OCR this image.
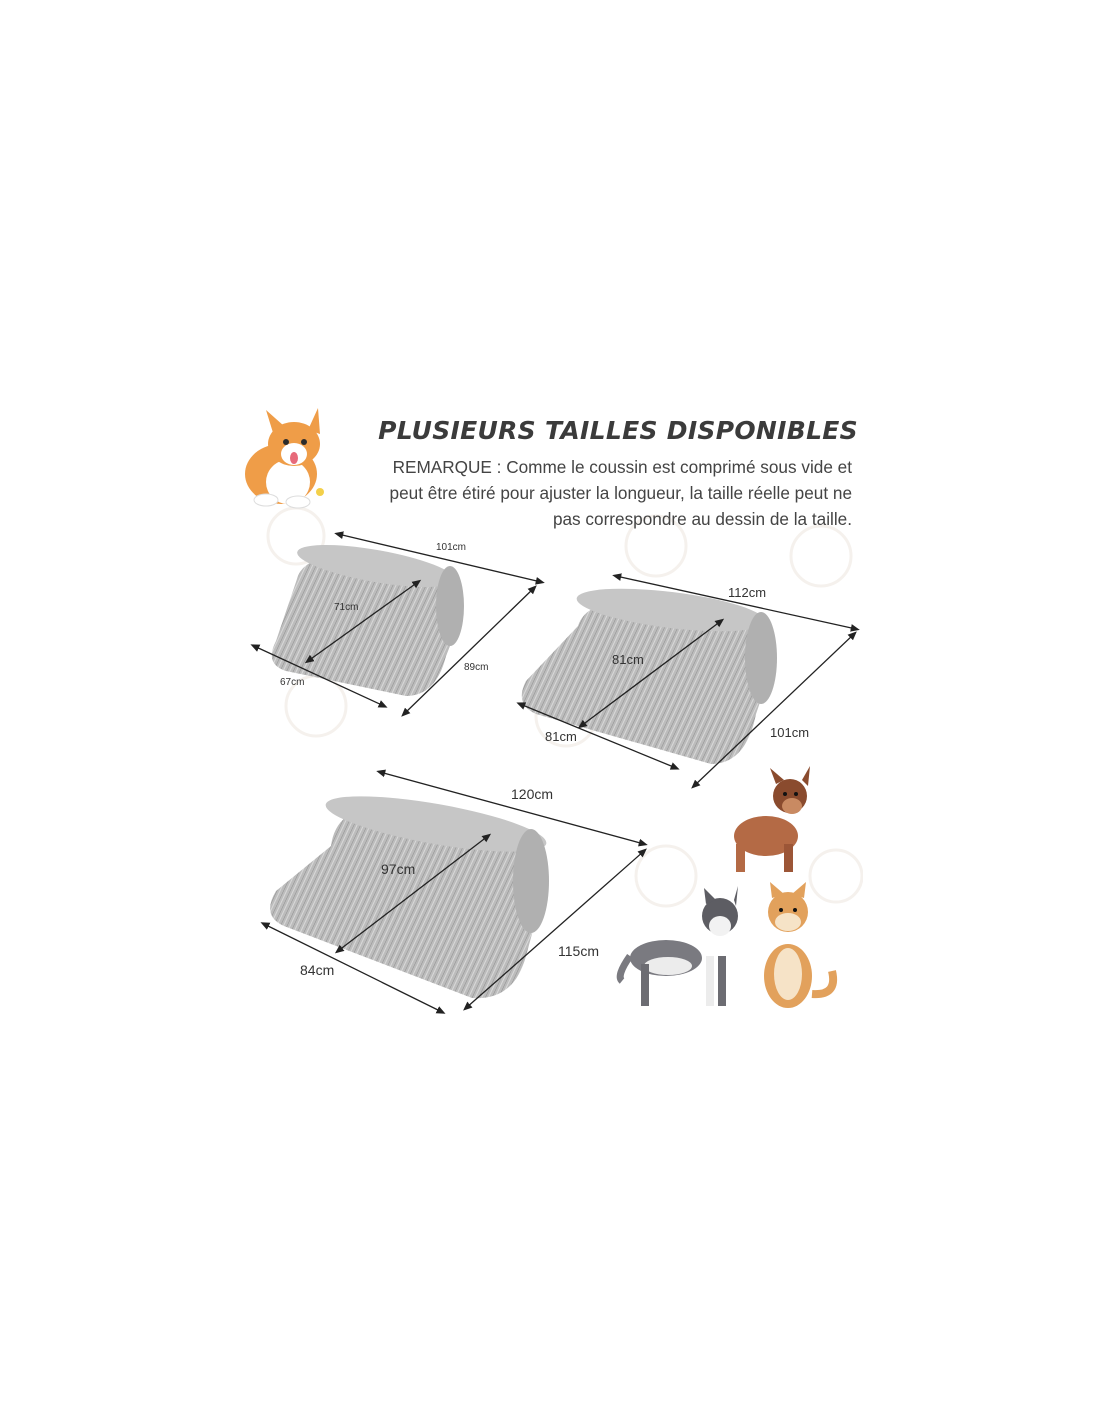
101cm
71cm
67cm
89cm
112cm
81cm
81cm	101cm
120cm
97cm
84cm
115cm
PLUSIEURS TAILLES DISPONIBLES
REMARQUE : Comme le coussin est comprimé sous vide et
peut être étiré pour ajuster la longueur, la taille réelle peut ne
pas correspondre au dessin de la taille.
